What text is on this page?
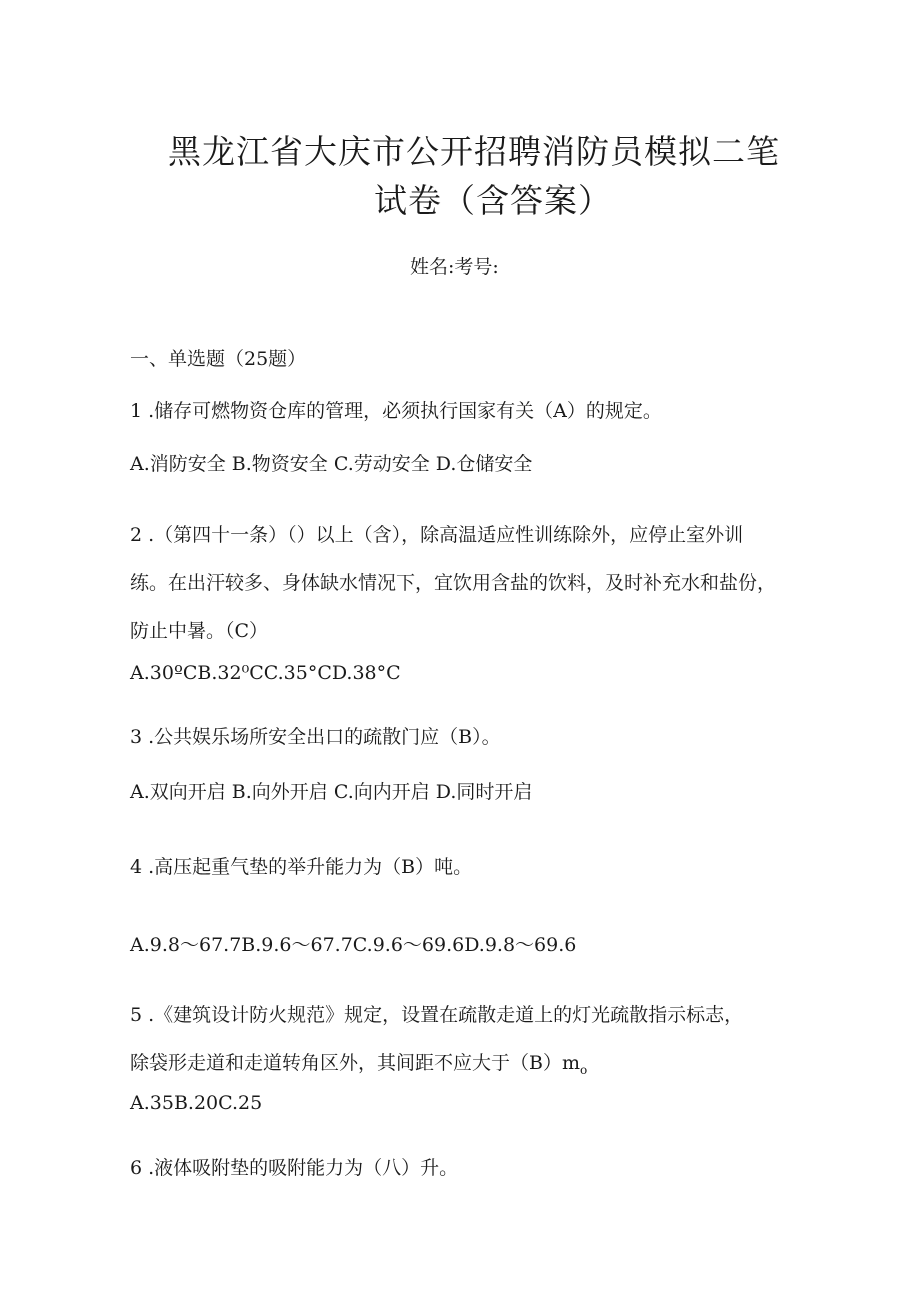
黑龙江省大庆市公开招聘消防员模拟二笔

试卷（含答案）

姓名:考号:

一、单选题（25题）

1 .储存可燃物资仓库的管理，必须执行国家有关（A）的规定。

A.消防安全 B.物资安全 C.劳动安全 D.仓储安全

2 .（第四十一条）（）以上（含），除高温适应性训练除外，应停止室外训

练。在出汗较多、身体缺水情况下，宜饮用含盐的饮料，及时补充水和盐份，

防止中暑。（C）

A.30ºCB.32⁰CC.35°CD.38°C

3 .公共娱乐场所安全出口的疏散门应（B）。

A.双向开启 B.向外开启 C.向内开启 D.同时开启

4 .高压起重气垫的举升能力为（B）吨。

A.9.8～67.7B.9.6～67.7C.9.6～69.6D.9.8～69.6

5 .《建筑设计防火规范》规定，设置在疏散走道上的灯光疏散指示标志，

除袋形走道和走道转角区外，其间距不应大于$(B)m_o$

A.35B.20C.25

6 .液体吸附垫的吸附能力为（八）升。
